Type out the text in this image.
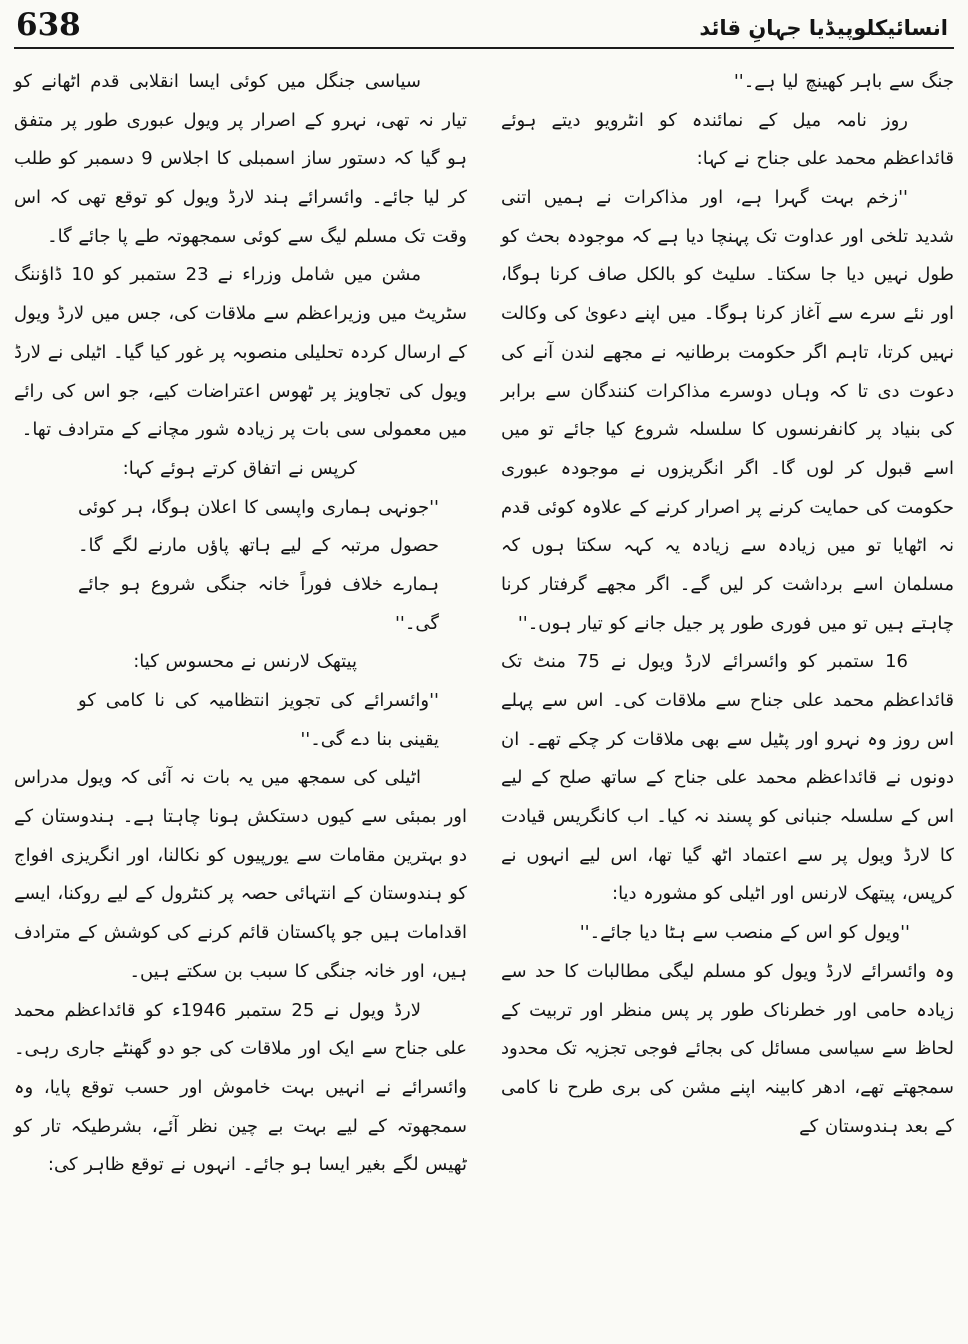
638	انسائیکلوپیڈیا جہانِ قائد

جنگ سے باہر کھینچ لیا ہے۔''

روز نامہ میل کے نمائندہ کو انٹرویو دیتے ہوئے قائداعظم محمد علی جناح نے کہا:

''زخم بہت گہرا ہے، اور مذاکرات نے ہمیں اتنی شدید تلخی اور عداوت تک پہنچا دیا ہے کہ موجودہ بحث کو طول نہیں دیا جا سکتا۔ سلیٹ کو بالکل صاف کرنا ہوگا، اور نئے سرے سے آغاز کرنا ہوگا۔ میں اپنے دعویٰ کی وکالت نہیں کرتا، تاہم اگر حکومت برطانیہ نے مجھے لندن آنے کی دعوت دی تا کہ وہاں دوسرے مذاکرات کنندگان سے برابر کی بنیاد پر کانفرنسوں کا سلسلہ شروع کیا جائے تو میں اسے قبول کر لوں گا۔ اگر انگریزوں نے موجودہ عبوری حکومت کی حمایت کرنے پر اصرار کرنے کے علاوہ کوئی قدم نہ اٹھایا تو میں زیادہ سے زیادہ یہ کہہ سکتا ہوں کہ مسلمان اسے برداشت کر لیں گے۔ اگر مجھے گرفتار کرنا چاہتے ہیں تو میں فوری طور پر جیل جانے کو تیار ہوں۔''

16 ستمبر کو وائسرائے لارڈ ویول نے 75 منٹ تک قائداعظم محمد علی جناح سے ملاقات کی۔ اس سے پہلے اس روز وہ نہرو اور پٹیل سے بھی ملاقات کر چکے تھے۔ ان دونوں نے قائداعظم محمد علی جناح کے ساتھ صلح کے لیے اس کے سلسلہ جنبانی کو پسند نہ کیا۔ اب کانگریس قیادت کا لارڈ ویول پر سے اعتماد اٹھ گیا تھا، اس لیے انہوں نے کرپس، پیتھک لارنس اور اٹیلی کو مشورہ دیا:

''ویول کو اس کے منصب سے ہٹا دیا جائے۔''

وہ وائسرائے لارڈ ویول کو مسلم لیگی مطالبات کا حد سے زیادہ حامی اور خطرناک طور پر پس منظر اور تربیت کے لحاظ سے سیاسی مسائل کی بجائے فوجی تجزیہ تک محدود سمجھتے تھے، ادھر کابینہ اپنے مشن کی بری طرح نا کامی کے بعد ہندوستان کے

سیاسی جنگل میں کوئی ایسا انقلابی قدم اٹھانے کو تیار نہ تھی، نہرو کے اصرار پر ویول عبوری طور پر متفق ہو گیا کہ دستور ساز اسمبلی کا اجلاس 9 دسمبر کو طلب کر لیا جائے۔ وائسرائے ہند لارڈ ویول کو توقع تھی کہ اس وقت تک مسلم لیگ سے کوئی سمجھوتہ طے پا جائے گا۔

مشن میں شامل وزراء نے 23 ستمبر کو 10 ڈاؤننگ سٹریٹ میں وزیراعظم سے ملاقات کی، جس میں لارڈ ویول کے ارسال کردہ تحلیلی منصوبہ پر غور کیا گیا۔ اٹیلی نے لارڈ ویول کی تجاویز پر ٹھوس اعتراضات کیے، جو اس کی رائے میں معمولی سی بات پر زیادہ شور مچانے کے مترادف تھا۔

کرپس نے اتفاق کرتے ہوئے کہا:

''جونہی ہماری واپسی کا اعلان ہوگا، ہر کوئی حصول مرتبہ کے لیے ہاتھ پاؤں مارنے لگے گا۔ ہمارے خلاف فوراً خانہ جنگی شروع ہو جائے گی۔''

پیتھک لارنس نے محسوس کیا:

''وائسرائے کی تجویز انتظامیہ کی نا کامی کو یقینی بنا دے گی۔''

اٹیلی کی سمجھ میں یہ بات نہ آئی کہ ویول مدراس اور بمبئی سے کیوں دستکش ہونا چاہتا ہے۔ ہندوستان کے دو بہترین مقامات سے یورپیوں کو نکالنا، اور انگریزی افواج کو ہندوستان کے انتہائی حصہ پر کنٹرول کے لیے روکنا، ایسے اقدامات ہیں جو پاکستان قائم کرنے کی کوشش کے مترادف ہیں، اور خانہ جنگی کا سبب بن سکتے ہیں۔

لارڈ ویول نے 25 ستمبر 1946ء کو قائداعظم محمد علی جناح سے ایک اور ملاقات کی جو دو گھنٹے جاری رہی۔ وائسرائے نے انہیں بہت خاموش اور حسب توقع پایا، وہ سمجھوتہ کے لیے بہت بے چین نظر آئے، بشرطیکہ تار کو ٹھیس لگے بغیر ایسا ہو جائے۔ انہوں نے توقع ظاہر کی:
